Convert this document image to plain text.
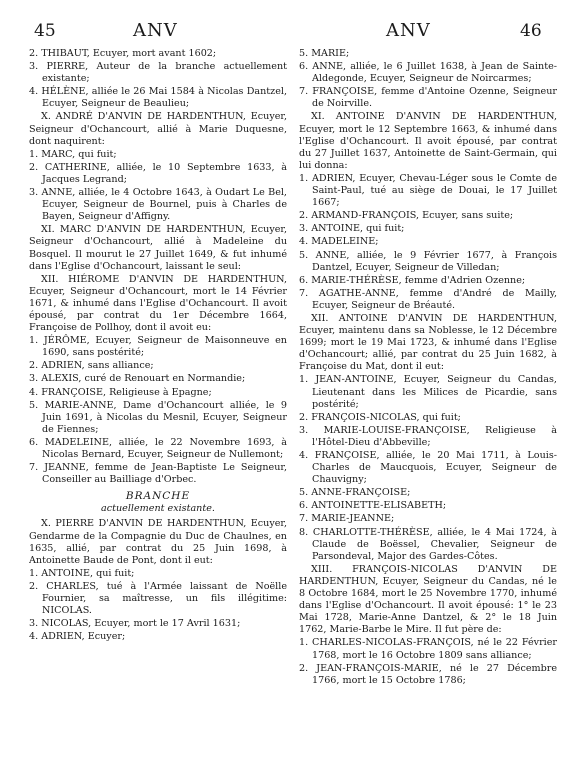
45	ANV	ANV	46

2. THIBAUT, Ecuyer, mort avant 1602;

3. PIERRE, Auteur de la branche actuellement existante;

4. HÉLÈNE, alliée le 26 Mai 1584 à Nicolas Dantzel, Ecuyer, Seigneur de Beaulieu;

X. ANDRÉ D'ANVIN DE HARDENTHUN, Ecuyer, Seigneur d'Ochancourt, allié à Marie Duquesne, dont naquirent:

1. MARC, qui fuit;

2. CATHERINE, alliée, le 10 Septembre 1633, à Jacques Legrand;

3. ANNE, alliée, le 4 Octobre 1643, à Oudart Le Bel, Ecuyer, Seigneur de Bournel, puis à Charles de Bayen, Seigneur d'Affigny.

XI. MARC D'ANVIN DE HARDENTHUN, Ecuyer, Seigneur d'Ochancourt, allié à Madeleine du Bosquel. Il mourut le 27 Juillet 1649, & fut inhumé dans l'Eglise d'Ochancourt, laissant le seul:

XII. HIÉROME D'ANVIN DE HARDENTHUN, Ecuyer, Seigneur d'Ochancourt, mort le 14 Février 1671, & inhumé dans l'Eglise d'Ochancourt. Il avoit épousé, par contrat du 1er Décembre 1664, Françoise de Pollhoy, dont il avoit eu:

1. JÉRÔME, Ecuyer, Seigneur de Maisonneuve en 1690, sans postérité;

2. ADRIEN, sans alliance;

3. ALEXIS, curé de Renouart en Normandie;

4. FRANÇOISE, Religieuse à Epagne;

5. MARIE-ANNE, Dame d'Ochancourt alliée, le 9 Juin 1691, à Nicolas du Mesnil, Ecuyer, Seigneur de Fiennes;

6. MADELEINE, alliée, le 22 Novembre 1693, à Nicolas Bernard, Ecuyer, Seigneur de Nullemont;

7. JEANNE, femme de Jean-Baptiste Le Seigneur, Conseiller au Bailliage d'Orbec.

BRANCHE

actuellement existante.

X. PIERRE D'ANVIN DE HARDENTHUN, Ecuyer, Gendarme de la Compagnie du Duc de Chaulnes, en 1635, allié, par contrat du 25 Juin 1698, à Antoinette Baude de Pont, dont il eut:

1. ANTOINE, qui fuit;

2. CHARLES, tué à l'Armée laissant de Noëlle Fournier, sa maîtresse, un fils illégitime: NICOLAS.

3. NICOLAS, Ecuyer, mort le 17 Avril 1631;

4. ADRIEN, Ecuyer;

5. MARIE;

6. ANNE, alliée, le 6 Juillet 1638, à Jean de Sainte-Aldegonde, Ecuyer, Seigneur de Noircarmes;

7. FRANÇOISE, femme d'Antoine Ozenne, Seigneur de Noirville.

XI. ANTOINE D'ANVIN DE HARDENTHUN, Ecuyer, mort le 12 Septembre 1663, & inhumé dans l'Eglise d'Ochancourt. Il avoit épousé, par contrat du 27 Juillet 1637, Antoinette de Saint-Germain, qui lui donna:

1. ADRIEN, Ecuyer, Chevau-Léger sous le Comte de Saint-Paul, tué au siège de Douai, le 17 Juillet 1667;

2. ARMAND-FRANÇOIS, Ecuyer, sans suite;

3. ANTOINE, qui fuit;

4. MADELEINE;

5. ANNE, alliée, le 9 Février 1677, à François Dantzel, Ecuyer, Seigneur de Villedan;

6. MARIE-THÉRÈSE, femme d'Adrien Ozenne;

7. AGATHE-ANNE, femme d'André de Mailly, Ecuyer, Seigneur de Bréauté.

XII. ANTOINE D'ANVIN DE HARDENTHUN, Ecuyer, maintenu dans sa Noblesse, le 12 Décembre 1699; mort le 19 Mai 1723, & inhumé dans l'Eglise d'Ochancourt; allié, par contrat du 25 Juin 1682, à Françoise du Mat, dont il eut:

1. JEAN-ANTOINE, Ecuyer, Seigneur du Candas, Lieutenant dans les Milices de Picardie, sans postérité;

2. FRANÇOIS-NICOLAS, qui fuit;

3. MARIE-LOUISE-FRANÇOISE, Religieuse à l'Hôtel-Dieu d'Abbeville;

4. FRANÇOISE, alliée, le 20 Mai 1711, à Louis-Charles de Maucquois, Ecuyer, Seigneur de Chauvigny;

5. ANNE-FRANÇOISE;

6. ANTOINETTE-ELISABETH;

7. MARIE-JEANNE;

8. CHARLOTTE-THÉRÈSE, alliée, le 4 Mai 1724, à Claude de Boëssel, Chevalier, Seigneur de Parsondeval, Major des Gardes-Côtes.

XIII. FRANÇOIS-NICOLAS D'ANVIN DE HARDENTHUN, Ecuyer, Seigneur du Candas, né le 8 Octobre 1684, mort le 25 Novembre 1770, inhumé dans l'Eglise d'Ochancourt. Il avoit épousé: 1° le 23 Mai 1728, Marie-Anne Dantzel, & 2° le 18 Juin 1762, Marie-Barbe le Mire. Il fut père de:

1. CHARLES-NICOLAS-FRANÇOIS, né le 22 Février 1768, mort le 16 Octobre 1809 sans alliance;

2. JEAN-FRANÇOIS-MARIE, né le 27 Décembre 1766, mort le 15 Octobre 1786;
